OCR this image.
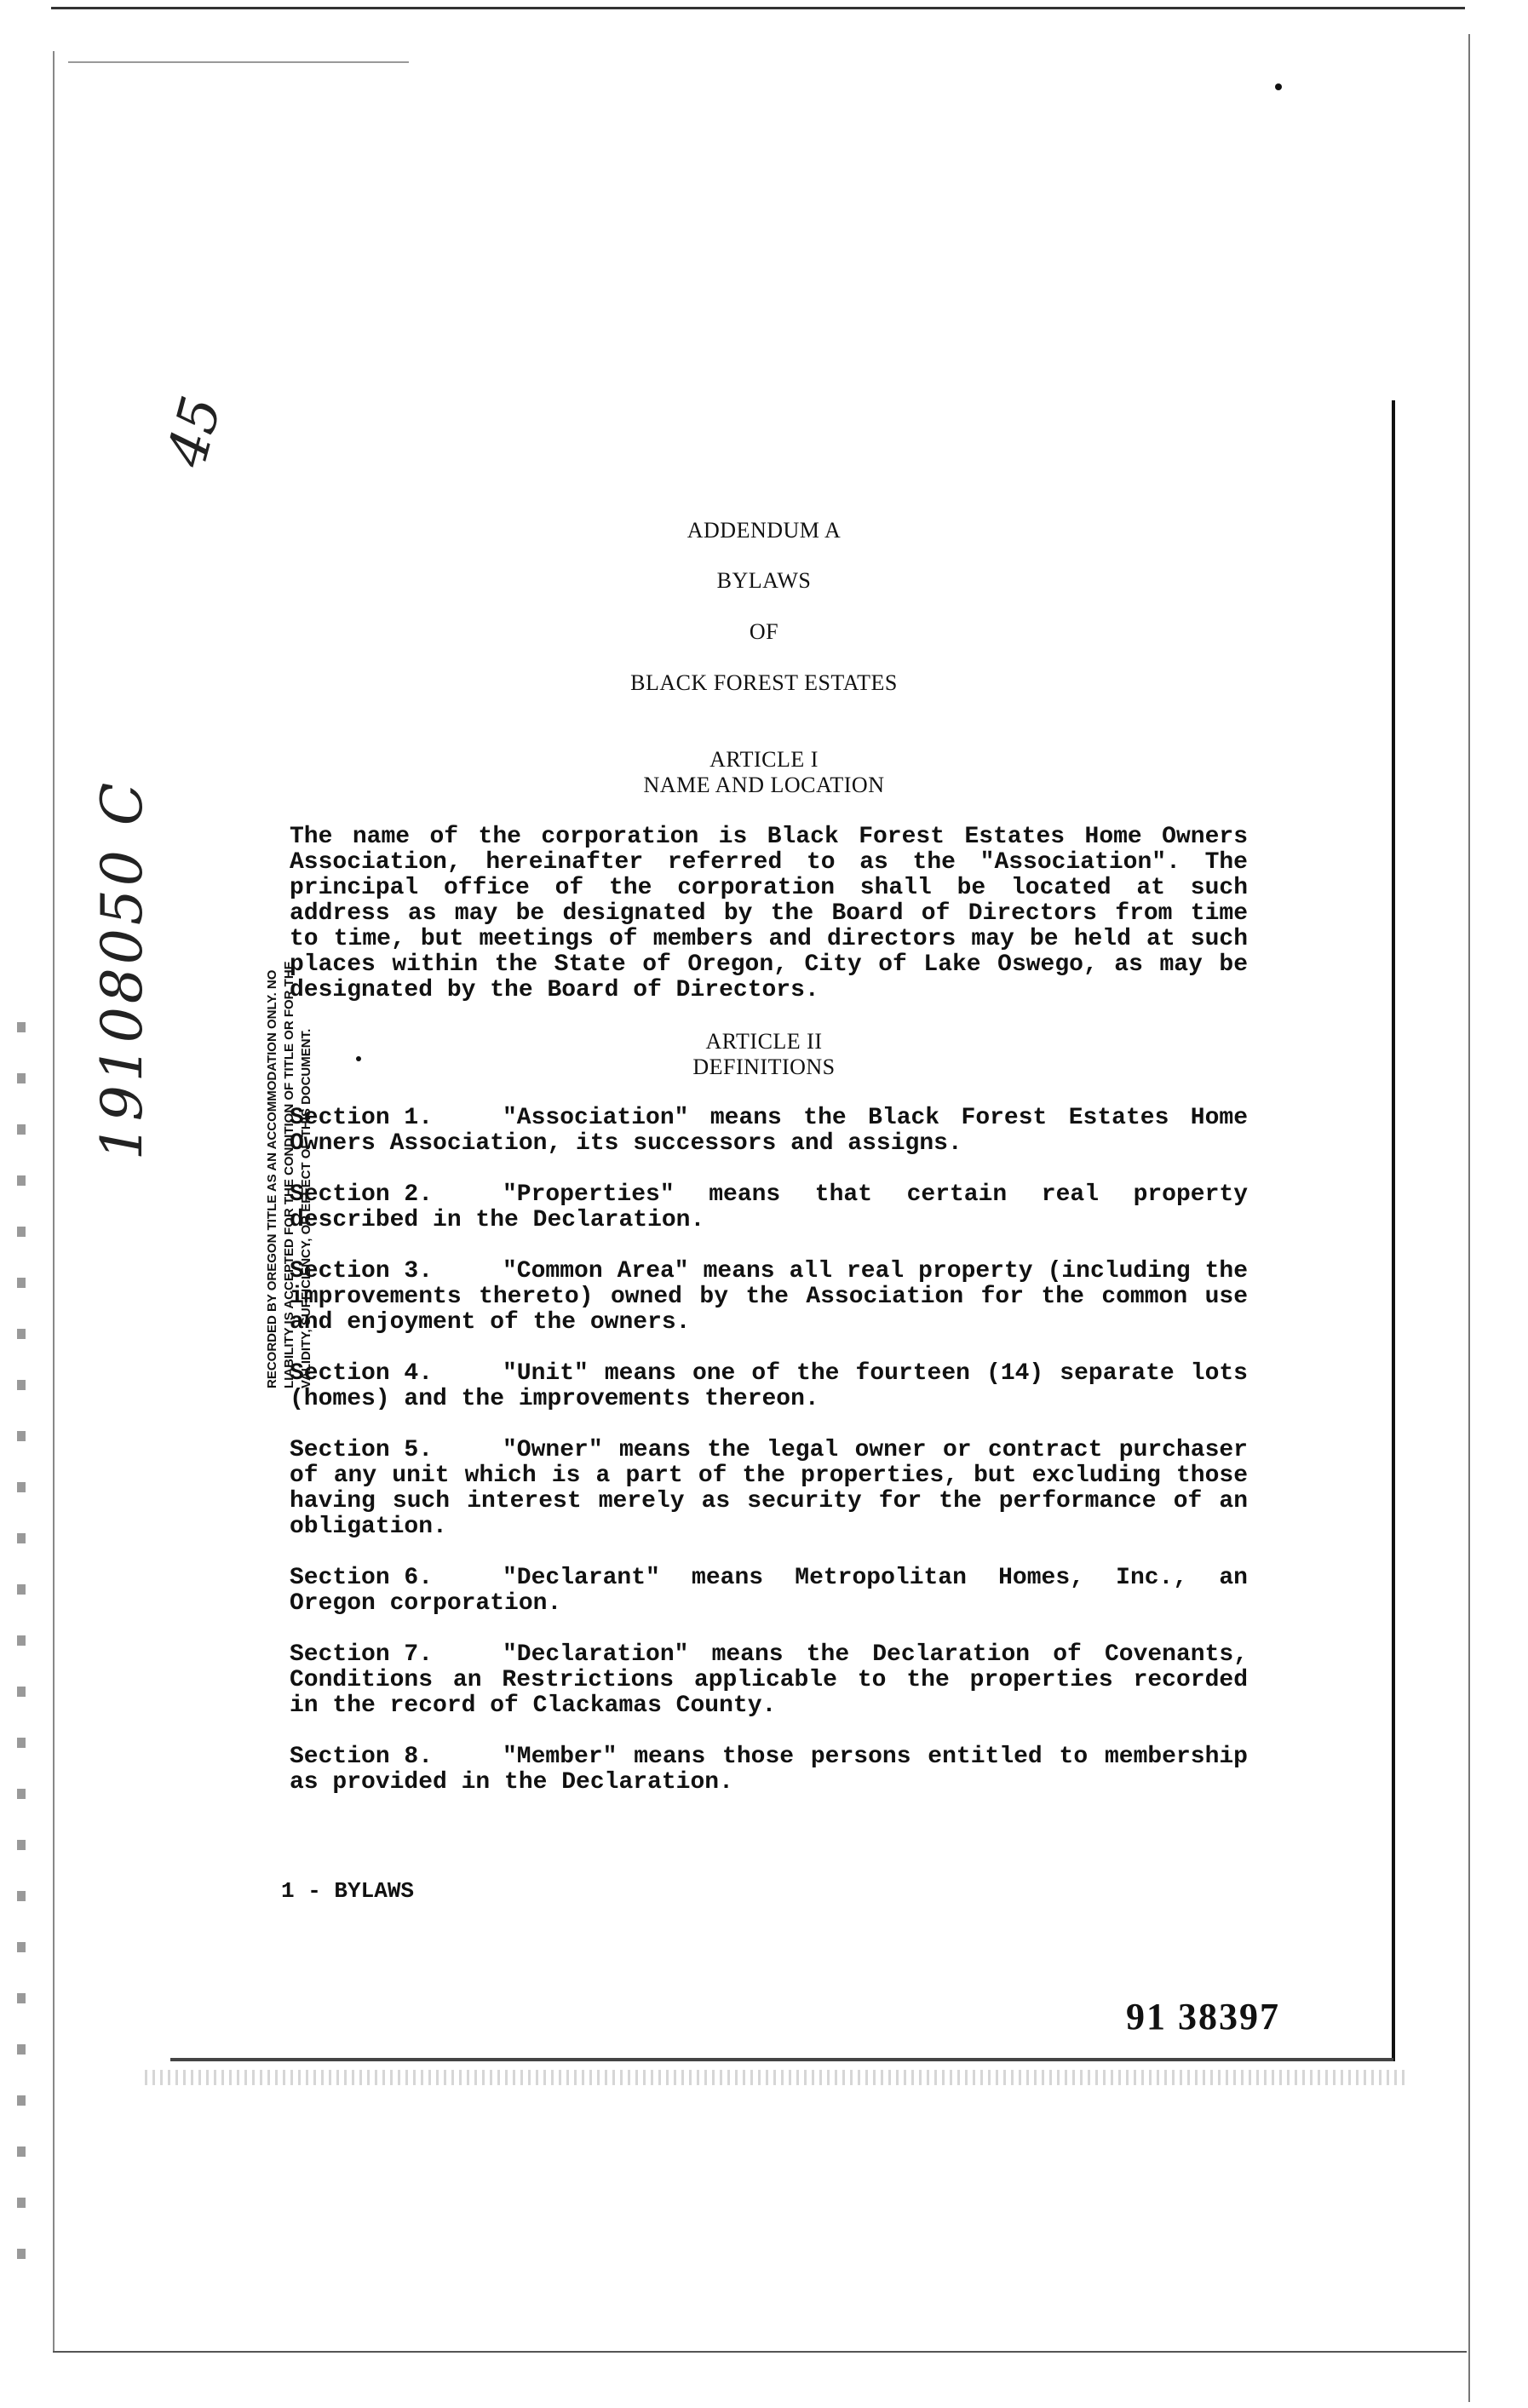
45
19108050 C
RECORDED BY OREGON TITLE AS AN ACCOMMODATION ONLY. NO LIABILITY IS ACCEPTED FOR THE CONDITION OF TITLE OR FOR THE VALIDITY, SUFFICIENCY, OR EFFECT OF THIS DOCUMENT.
ADDENDUM A
BYLAWS
OF
BLACK FOREST ESTATES
ARTICLE I
NAME AND LOCATION
The name of the corporation is Black Forest Estates Home Owners Association, hereinafter referred to as the "Association". The principal office of the corporation shall be located at such address as may be designated by the Board of Directors from time to time, but meetings of members and directors may be held at such places within the State of Oregon, City of Lake Oswego, as may be designated by the Board of Directors.
ARTICLE II
DEFINITIONS
Section 1.	"Association" means the Black Forest Estates Home Owners Association, its successors and assigns.
Section 2.	"Properties" means that certain real property described in the Declaration.
Section 3.	"Common Area" means all real property (including the improvements thereto) owned by the Association for the common use and enjoyment of the owners.
Section 4.	"Unit" means one of the fourteen (14) separate lots (homes) and the improvements thereon.
Section 5.	"Owner" means the legal owner or contract purchaser of any unit which is a part of the properties, but excluding those having such interest merely as security for the performance of an obligation.
Section 6.	"Declarant" means Metropolitan Homes, Inc., an Oregon corporation.
Section 7.	"Declaration" means the Declaration of Covenants, Conditions an Restrictions applicable to the properties recorded in the record of Clackamas County.
Section 8.	"Member" means those persons entitled to membership as provided in the Declaration.
1 - BYLAWS
91 38397
